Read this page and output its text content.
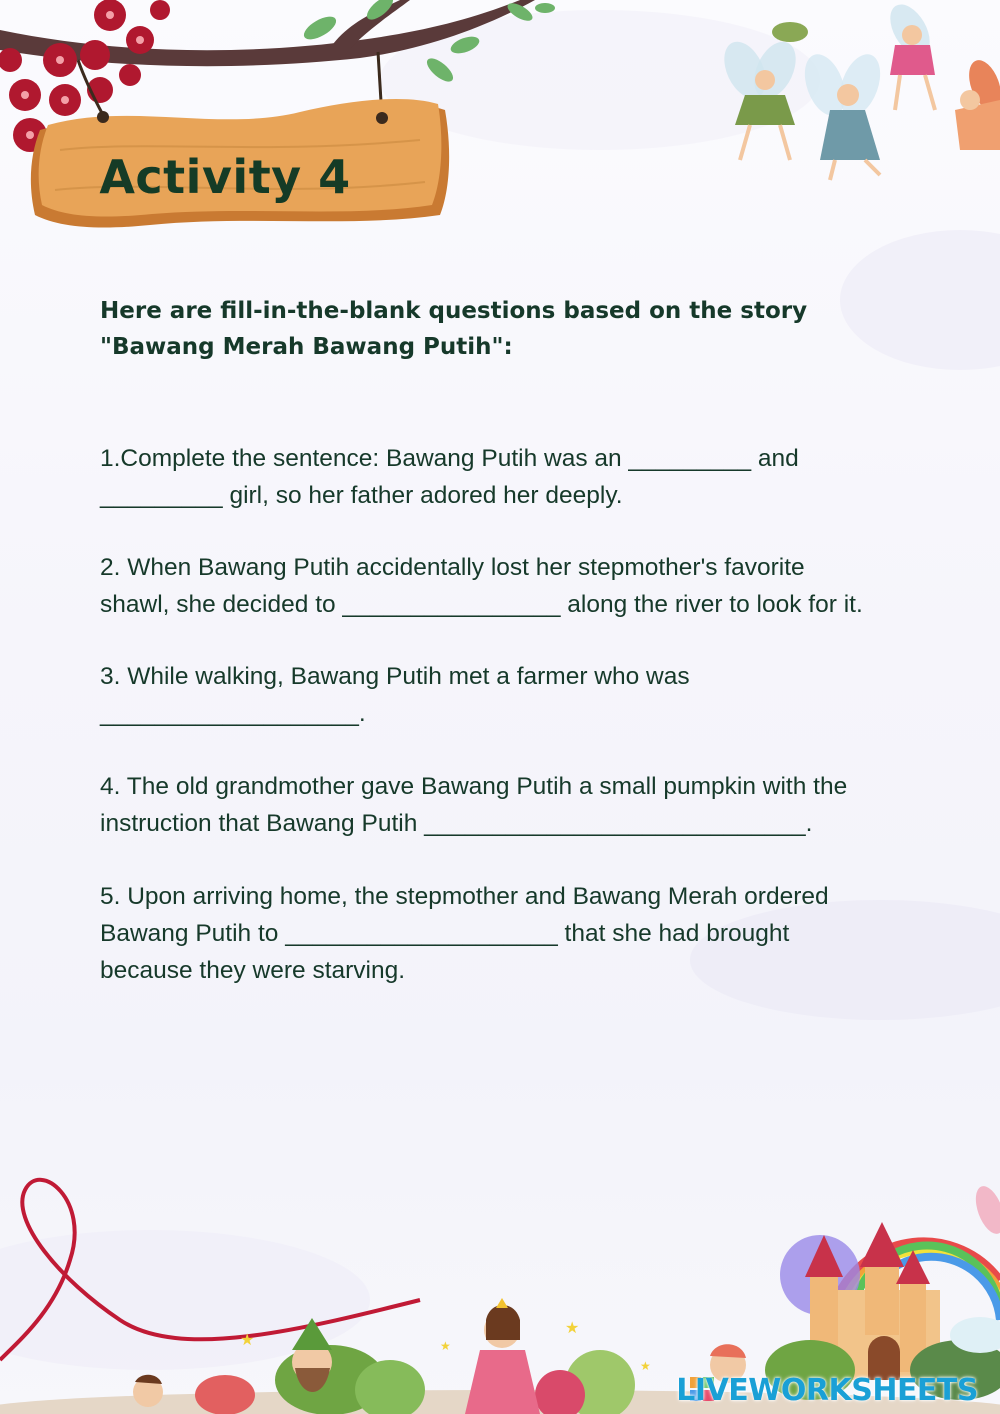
★
★
★
★
Activity 4
Here are fill-in-the-blank questions based on the story "Bawang Merah Bawang Putih":
1.Complete the sentence: Bawang Putih was an _________ and
_________ girl, so her father adored her deeply.
2. When Bawang Putih accidentally lost her stepmother's favorite
shawl, she decided to ________________ along the river to look for it.
3. While walking, Bawang Putih met a farmer who was
___________________.
4. The old grandmother gave Bawang Putih a small pumpkin with the
instruction that Bawang Putih ____________________________.
5. Upon arriving home, the stepmother and Bawang Merah ordered
Bawang Putih to ____________________ that she had brought
because they were starving.
LIVEWORKSHEETS
